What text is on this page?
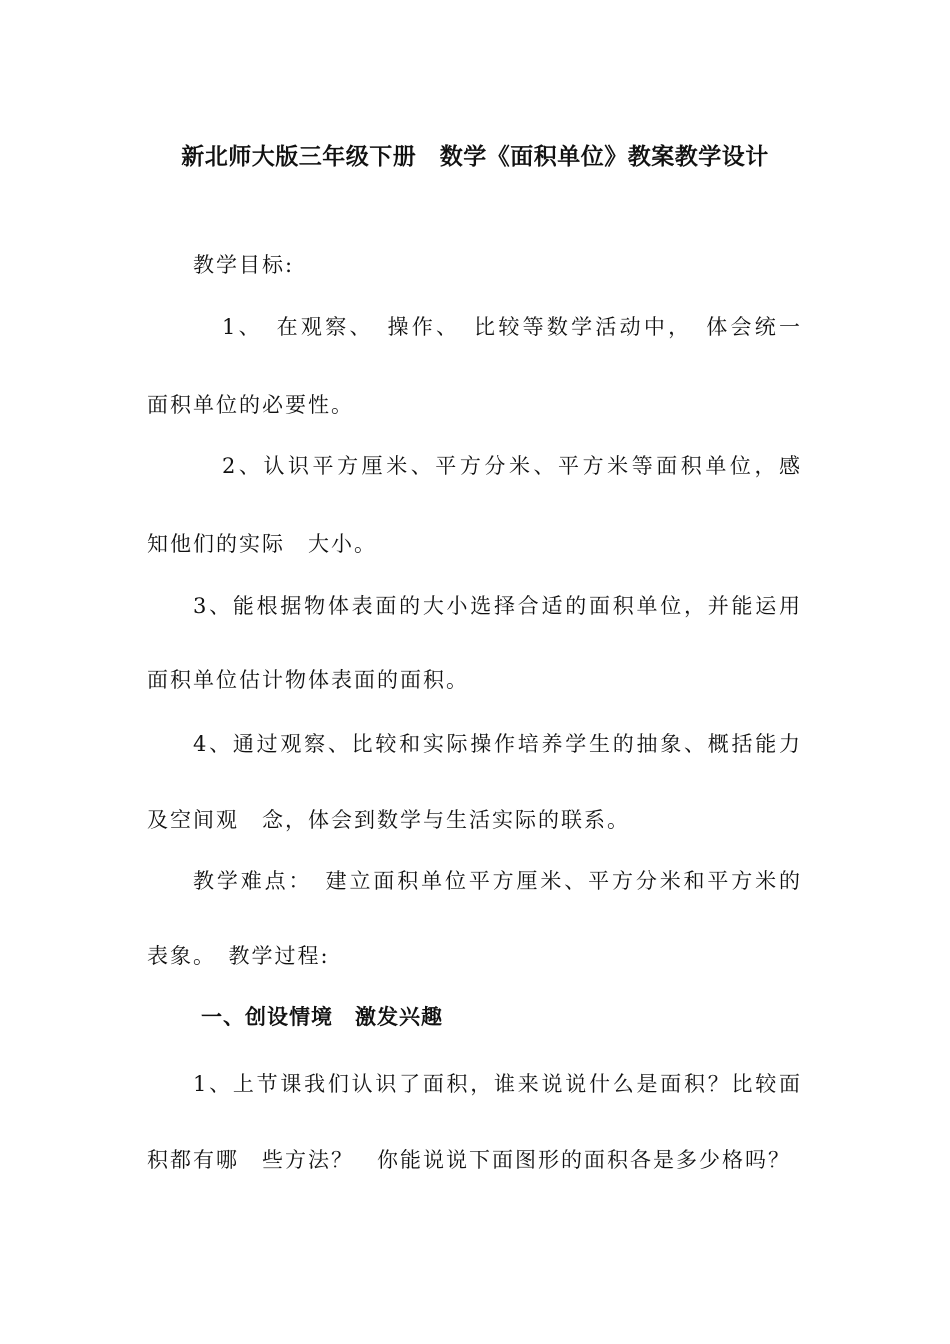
新北师大版三年级下册　数学《面积单位》教案教学设计
教学目标:
1、　在观察、　操作、　比较等数学活动中，　体会统一
面积单位的必要性。
2、认识平方厘米、平方分米、平方米等面积单位，感
知他们的实际　大小。
3、能根据物体表面的大小选择合适的面积单位，并能运用
面积单位估计物体表面的面积。
4、通过观察、比较和实际操作培养学生的抽象、概括能力
及空间观　念，体会到数学与生活实际的联系。
教学难点：　建立面积单位平方厘米、平方分米和平方米的
表象。　教学过程:
一、创设情境　激发兴趣
1、上节课我们认识了面积，谁来说说什么是面积？比较面
积都有哪　些方法？　你能说说下面图形的面积各是多少格吗？
